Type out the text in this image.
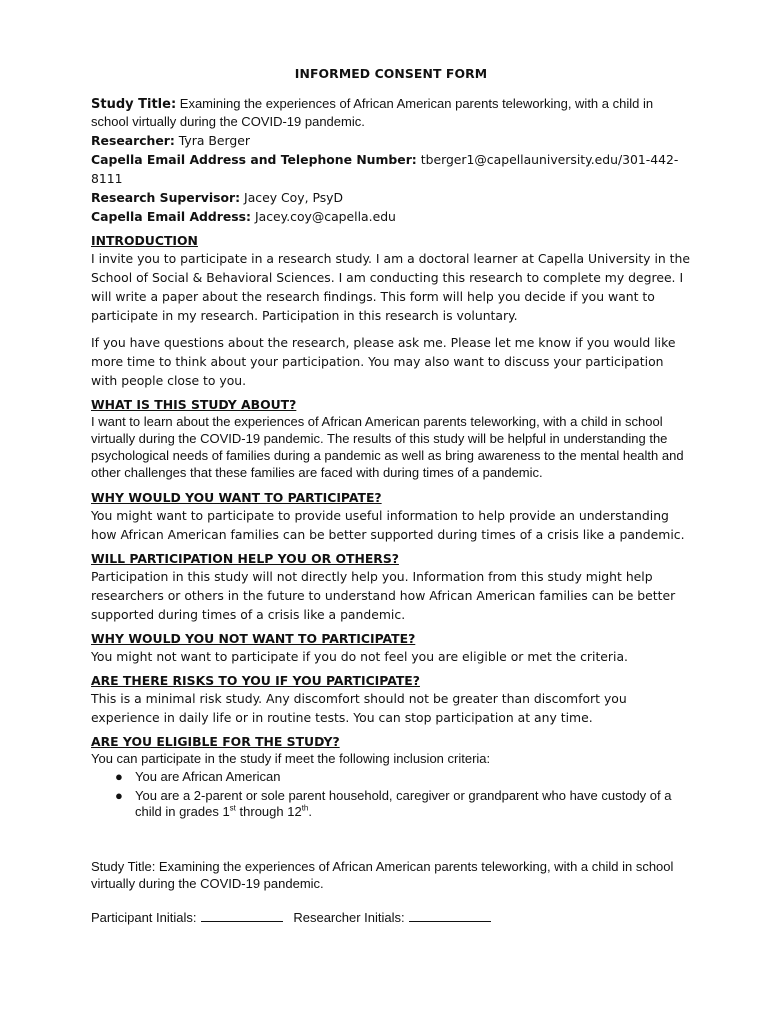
INFORMED CONSENT FORM

Study Title: Examining the experiences of African American parents teleworking, with a child in school virtually during the COVID-19 pandemic.

Researcher: Tyra Berger

Capella Email Address and Telephone Number: tberger1@capellauniversity.edu/301-442-8111

Research Supervisor: Jacey Coy, PsyD

Capella Email Address: Jacey.coy@capella.edu

INTRODUCTION

I invite you to participate in a research study. I am a doctoral learner at Capella University in the School of Social & Behavioral Sciences. I am conducting this research to complete my degree. I will write a paper about the research findings. This form will help you decide if you want to participate in my research. Participation in this research is voluntary.

If you have questions about the research, please ask me. Please let me know if you would like more time to think about your participation. You may also want to discuss your participation with people close to you.

WHAT IS THIS STUDY ABOUT?

I want to learn about the experiences of African American parents teleworking, with a child in school virtually during the COVID-19 pandemic. The results of this study will be helpful in understanding the psychological needs of families during a pandemic as well as bring awareness to the mental health and other challenges that these families are faced with during times of a pandemic.

WHY WOULD YOU WANT TO PARTICIPATE?

You might want to participate to provide useful information to help provide an understanding how African American families can be better supported during times of a crisis like a pandemic.

WILL PARTICIPATION HELP YOU OR OTHERS?

Participation in this study will not directly help you. Information from this study might help researchers or others in the future to understand how African American families can be better supported during times of a crisis like a pandemic.

WHY WOULD YOU NOT WANT TO PARTICIPATE?

You might not want to participate if you do not feel you are eligible or met the criteria.

ARE THERE RISKS TO YOU IF YOU PARTICIPATE?

This is a minimal risk study. Any discomfort should not be greater than discomfort you experience in daily life or in routine tests. You can stop participation at any time.

ARE YOU ELIGIBLE FOR THE STUDY?

You can participate in the study if meet the following inclusion criteria:

● You are African American
● You are a 2-parent or sole parent household, caregiver or grandparent who have custody of a child in grades 1st through 12th.

Study Title: Examining the experiences of African American parents teleworking, with a child in school virtually during the COVID-19 pandemic.

Participant Initials:	Researcher Initials:
